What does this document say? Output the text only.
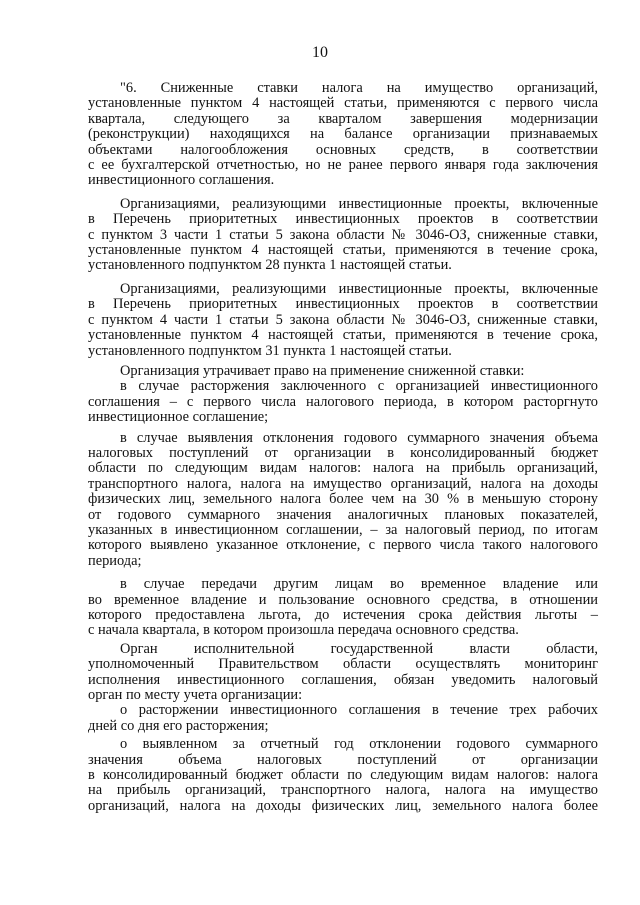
10
"6. Сниженные ставки налога на имущество организаций,
установленные пунктом 4 настоящей статьи, применяются с первого числа
квартала, следующего за кварталом завершения модернизации
(реконструкции) находящихся на балансе организации признаваемых
объектами налогообложения основных средств, в соответствии
с ее бухгалтерской отчетностью, но не ранее первого января года заключения
инвестиционного соглашения.
Организациями, реализующими инвестиционные проекты, включенные
в Перечень приоритетных инвестиционных проектов в соответствии
с пунктом 3 части 1 статьи 5 закона области № 3046-ОЗ, сниженные ставки,
установленные пунктом 4 настоящей статьи, применяются в течение срока,
установленного подпунктом 28 пункта 1 настоящей статьи.
Организациями, реализующими инвестиционные проекты, включенные
в Перечень приоритетных инвестиционных проектов в соответствии
с пунктом 4 части 1 статьи 5 закона области № 3046-ОЗ, сниженные ставки,
установленные пунктом 4 настоящей статьи, применяются в течение срока,
установленного подпунктом 31 пункта 1 настоящей статьи.
Организация утрачивает право на применение сниженной ставки:
в случае расторжения заключенного с организацией инвестиционного
соглашения – с первого числа налогового периода, в котором расторгнуто
инвестиционное соглашение;
в случае выявления отклонения годового суммарного значения объема
налоговых поступлений от организации в консолидированный бюджет
области по следующим видам налогов: налога на прибыль организаций,
транспортного налога, налога на имущество организаций, налога на доходы
физических лиц, земельного налога более чем на 30 % в меньшую сторону
от годового суммарного значения аналогичных плановых показателей,
указанных в инвестиционном соглашении, – за налоговый период, по итогам
которого выявлено указанное отклонение, с первого числа такого налогового
периода;
в случае передачи другим лицам во временное владение или
во временное владение и пользование основного средства, в отношении
которого предоставлена льгота, до истечения срока действия льготы –
с начала квартала, в котором произошла передача основного средства.
Орган исполнительной государственной власти области,
уполномоченный Правительством области осуществлять мониторинг
исполнения инвестиционного соглашения, обязан уведомить налоговый
орган по месту учета организации:
о расторжении инвестиционного соглашения в течение трех рабочих
дней со дня его расторжения;
о выявленном за отчетный год отклонении годового суммарного
значения объема налоговых поступлений от организации
в консолидированный бюджет области по следующим видам налогов: налога
на прибыль организаций, транспортного налога, налога на имущество
организаций, налога на доходы физических лиц, земельного налога более
